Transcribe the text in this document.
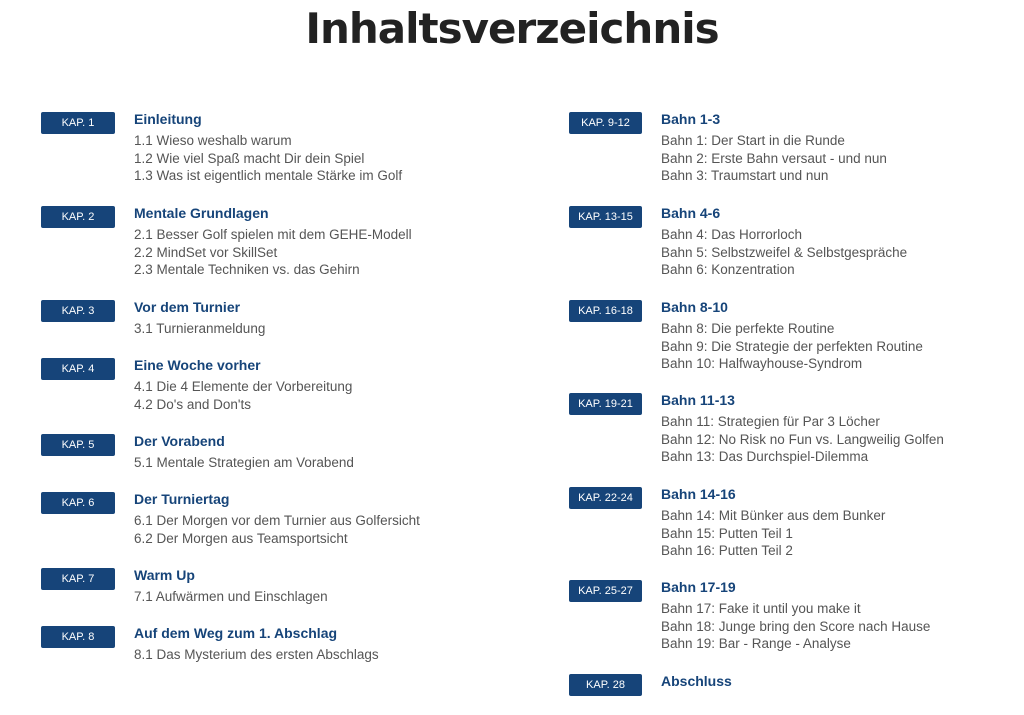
Inhaltsverzeichnis
KAP. 1	Einleitung
1.1 Wieso weshalb warum
1.2 Wie viel Spaß macht Dir dein Spiel
1.3 Was ist eigentlich mentale Stärke im Golf
KAP. 2	Mentale Grundlagen
2.1 Besser Golf spielen mit dem GEHE-Modell
2.2 MindSet vor SkillSet
2.3 Mentale Techniken vs. das Gehirn
KAP. 3	Vor dem Turnier
3.1 Turnieranmeldung
KAP. 4	Eine Woche vorher
4.1 Die 4 Elemente der Vorbereitung
4.2 Do's and Don'ts
KAP. 5	Der Vorabend
5.1 Mentale Strategien am Vorabend
KAP. 6	Der Turniertag
6.1 Der Morgen vor dem Turnier aus Golfersicht
6.2 Der Morgen aus Teamsportsicht
KAP. 7	Warm Up
7.1 Aufwärmen und Einschlagen
KAP. 8	Auf dem Weg zum 1. Abschlag
8.1 Das Mysterium des ersten Abschlags
KAP. 9-12	Bahn 1-3
Bahn 1: Der Start in die Runde
Bahn 2: Erste Bahn versaut - und nun
Bahn 3: Traumstart und nun
KAP. 13-15	Bahn 4-6
Bahn 4: Das Horrorloch
Bahn 5: Selbstzweifel & Selbstgespräche
Bahn 6: Konzentration
KAP. 16-18	Bahn 8-10
Bahn 8: Die perfekte Routine
Bahn 9: Die Strategie der perfekten Routine
Bahn 10: Halfwayhouse-Syndrom
KAP. 19-21	Bahn 11-13
Bahn 11: Strategien für Par 3 Löcher
Bahn 12: No Risk no Fun vs. Langweilig Golfen
Bahn 13: Das Durchspiel-Dilemma
KAP. 22-24	Bahn 14-16
Bahn 14: Mit Bünker aus dem Bunker
Bahn 15: Putten Teil 1
Bahn 16: Putten Teil 2
KAP. 25-27	Bahn 17-19
Bahn 17: Fake it until you make it
Bahn 18: Junge bring den Score nach Hause
Bahn 19: Bar - Range - Analyse
KAP. 28	Abschluss
